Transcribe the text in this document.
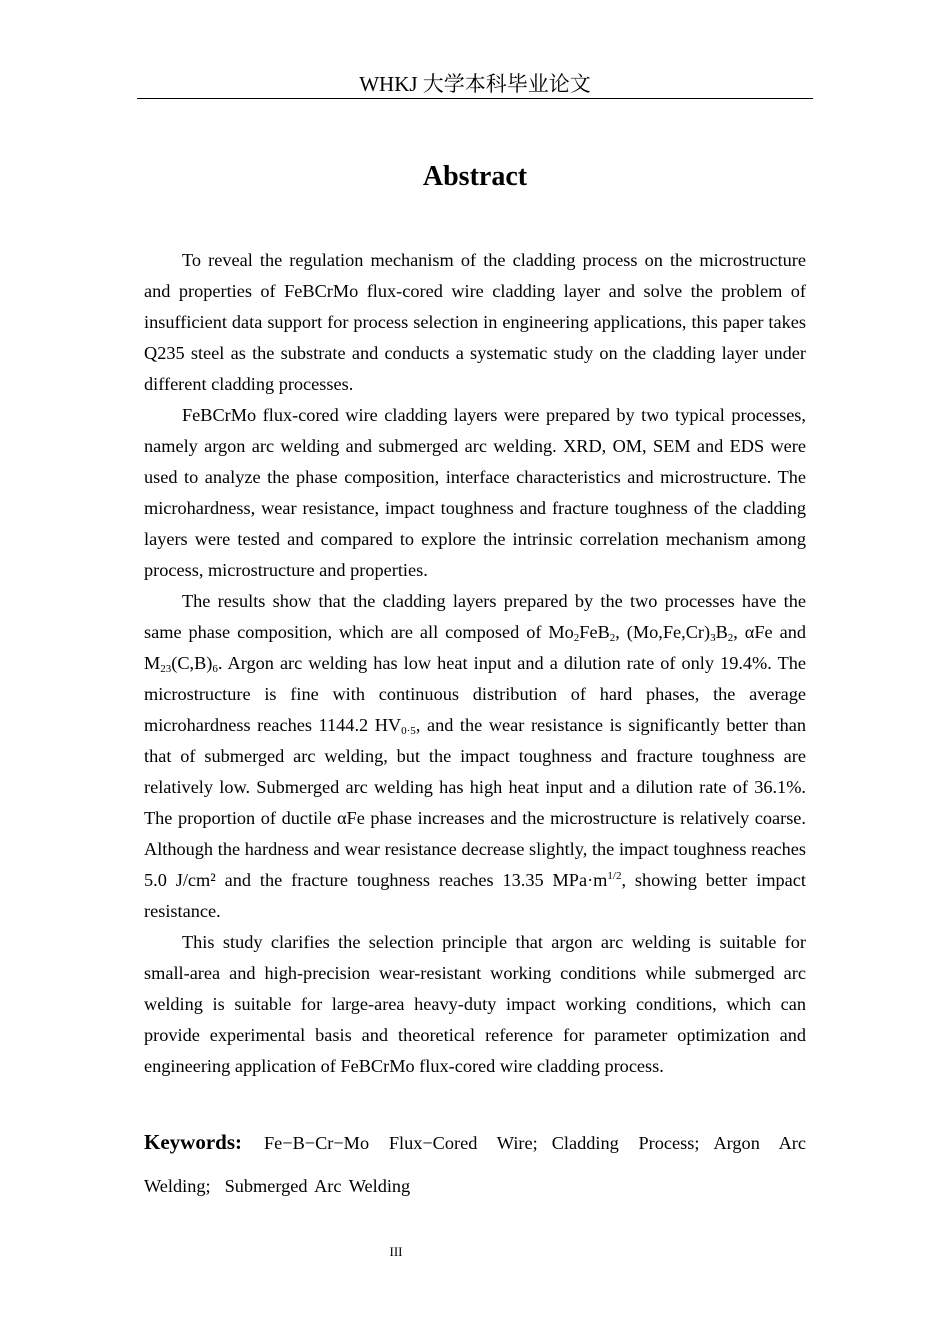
WHKJ 大学本科毕业论文
Abstract

To reveal the regulation mechanism of the cladding process on the microstructure and properties of FeBCrMo flux-cored wire cladding layer and solve the problem of insufficient data support for process selection in engineering applications, this paper takes Q235 steel as the substrate and conducts a systematic study on the cladding layer under different cladding processes.

FeBCrMo flux-cored wire cladding layers were prepared by two typical processes, namely argon arc welding and submerged arc welding. XRD, OM, SEM and EDS were used to analyze the phase composition, interface characteristics and microstructure. The microhardness, wear resistance, impact toughness and fracture toughness of the cladding layers were tested and compared to explore the intrinsic correlation mechanism among process, microstructure and properties.

The results show that the cladding layers prepared by the two processes have the same phase composition, which are all composed of $Mo_2FeB_2$, $(Mo,Fe,Cr)_3B_2$, αFe and $M_{23}(C,B)_6$. Argon arc welding has low heat input and a dilution rate of only 19.4%. The microstructure is fine with continuous distribution of hard phases, the average microhardness reaches 1144.2 $HV_{0\cdot 5}$, and the wear resistance is significantly better than that of submerged arc welding, but the impact toughness and fracture toughness are relatively low. Submerged arc welding has high heat input and a dilution rate of 36.1%. The proportion of ductile αFe phase increases and the microstructure is relatively coarse. Although the hardness and wear resistance decrease slightly, the impact toughness reaches 5.0 J/cm² and the fracture toughness reaches 13.35 $MPa\cdot m^{1/2}$, showing better impact resistance.

This study clarifies the selection principle that argon arc welding is suitable for small-area and high-precision wear-resistant working conditions while submerged arc welding is suitable for large-area heavy-duty impact working conditions, which can provide experimental basis and theoretical reference for parameter optimization and engineering application of FeBCrMo flux-cored wire cladding process.

Keywords: Fe−B−Cr−Mo Flux−Cored Wire; Cladding Process; Argon Arc Welding; Submerged Arc Welding
III
